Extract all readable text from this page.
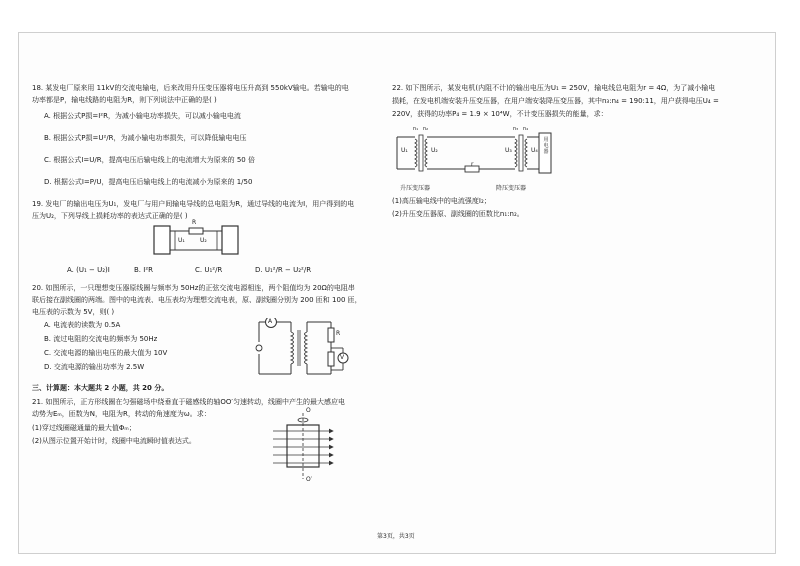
18. 某发电厂原来用 11kV的交流电输电，后来改用升压变压器将电压升高到 550kV输电。若输电的电
功率都是P，输电线路的电阻为R，则下列说法中正确的是( )
A. 根据公式P损=I²R，为减小输电功率损失，可以减小输电电流
B. 根据公式P损=U²/R，为减小输电功率损失，可以降低输电电压
C. 根据公式I=U/R，提高电压后输电线上的电流增大为原来的 50 倍
D. 根据公式I=P/U，提高电压后输电线上的电流减小为原来的 1/50
19. 发电厂的输出电压为U₁，发电厂与用户间输电导线的总电阻为R，通过导线的电流为I，用户得到的电
压为U₂，下列导线上损耗功率的表达式正确的是( )
R
U₁	U₂
A. (U₁ − U₂)I	B. I²R	C. U₁²/R	D. U₁²/R − U₂²/R
20. 如图所示，一只理想变压器原线圈与频率为 50Hz的正弦交流电源相连，两个阻值均为 20Ω的电阻串
联后接在副线圈的两端。图中的电流表、电压表均为理想交流电表，原、副线圈分别为 200 匝和 100 匝，
电压表的示数为 5V，则( )
A. 电流表的读数为 0.5A
B. 流过电阻的交流电的频率为 50Hz
C. 交流电源的输出电压的最大值为 10V
D. 交流电源的输出功率为 2.5W
A
V
R
三、计算题：本大题共 2 小题，共 20 分。
21. 如图所示，正方形线圈在匀强磁场中绕垂直于磁感线的轴OO′匀速转动，线圈中产生的最大感应电
动势为Eₘ，匝数为N，电阻为R，转动的角速度为ω。求：
(1)穿过线圈磁通量的最大值Φₘ；
(2)从图示位置开始计时，线圈中电流瞬时值表达式。
O
O′
22. 如下图所示，某发电机(内阻不计)的输出电压为U₁ = 250V，输电线总电阻为r = 4Ω，为了减小输电
损耗，在发电机端安装升压变压器，在用户端安装降压变压器，其中n₃:n₄ = 190:11，用户获得电压U₄ =
220V，获得的功率P₄ = 1.9 × 10⁴W，不计变压器损失的能量，求：
n₁ n₂	n₃ n₄
U₁	U₂	U₃	U₄
r
用电器
升压变压器	降压变压器
(1)高压输电线中的电流强度I₂；
(2)升压变压器原、副线圈的匝数比n₁:n₂。
第3页，共3页
